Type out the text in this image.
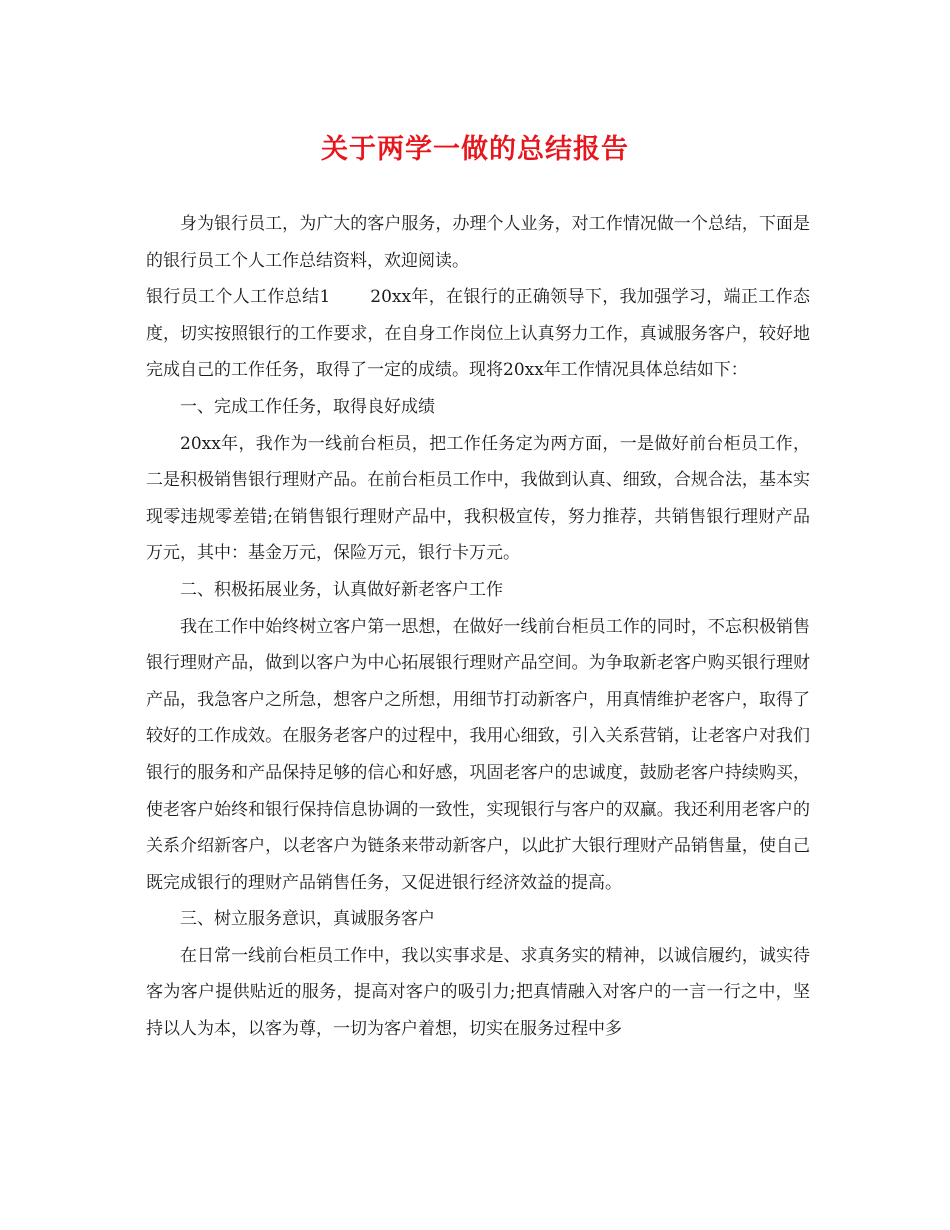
关于两学一做的总结报告

身为银行员工，为广大的客户服务，办理个人业务，对工作情况做一个总结，下面是的银行员工个人工作总结资料，欢迎阅读。

银行员工个人工作总结1 20xx年，在银行的正确领导下，我加强学习，端正工作态度，切实按照银行的工作要求，在自身工作岗位上认真努力工作，真诚服务客户，较好地完成自己的工作任务，取得了一定的成绩。现将20xx年工作情况具体总结如下：

一、完成工作任务，取得良好成绩

20xx年，我作为一线前台柜员，把工作任务定为两方面，一是做好前台柜员工作，二是积极销售银行理财产品。在前台柜员工作中，我做到认真、细致，合规合法，基本实现零违规零差错;在销售银行理财产品中，我积极宣传，努力推荐，共销售银行理财产品万元，其中：基金万元，保险万元，银行卡万元。

二、积极拓展业务，认真做好新老客户工作

我在工作中始终树立客户第一思想，在做好一线前台柜员工作的同时，不忘积极销售银行理财产品，做到以客户为中心拓展银行理财产品空间。为争取新老客户购买银行理财产品，我急客户之所急，想客户之所想，用细节打动新客户，用真情维护老客户，取得了较好的工作成效。在服务老客户的过程中，我用心细致，引入关系营销，让老客户对我们银行的服务和产品保持足够的信心和好感，巩固老客户的忠诚度，鼓励老客户持续购买，使老客户始终和银行保持信息协调的一致性，实现银行与客户的双赢。我还利用老客户的关系介绍新客户，以老客户为链条来带动新客户，以此扩大银行理财产品销售量，使自己既完成银行的理财产品销售任务，又促进银行经济效益的提高。

三、树立服务意识，真诚服务客户

在日常一线前台柜员工作中，我以实事求是、求真务实的精神，以诚信履约，诚实待客为客户提供贴近的服务，提高对客户的吸引力;把真情融入对客户的一言一行之中，坚持以人为本，以客为尊，一切为客户着想，切实在服务过程中多
